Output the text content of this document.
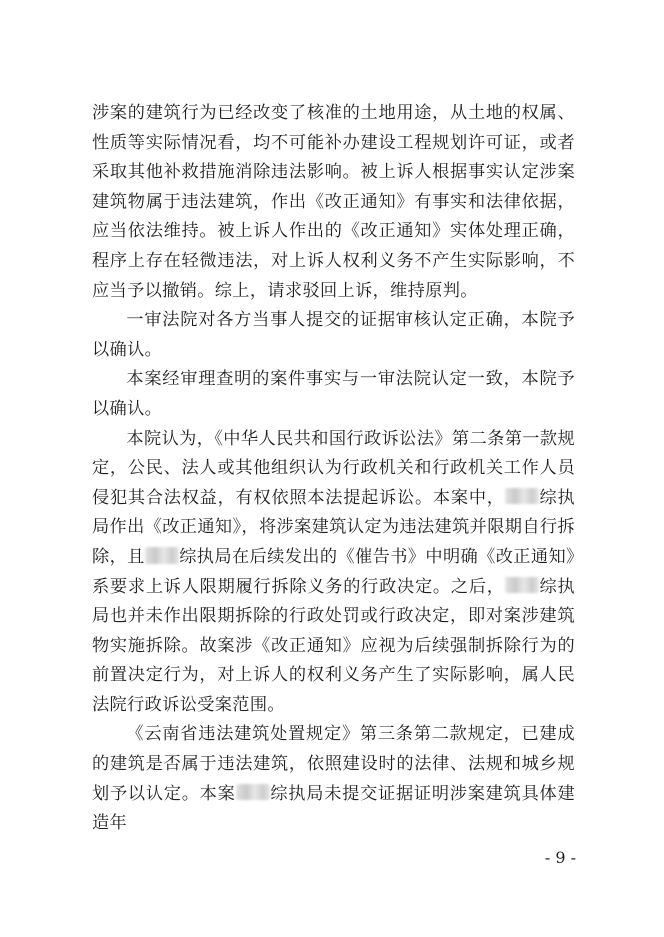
涉案的建筑行为已经改变了核准的土地用途，从土地的权属、性质等实际情况看，均不可能补办建设工程规划许可证，或者采取其他补救措施消除违法影响。被上诉人根据事实认定涉案建筑物属于违法建筑，作出《改正通知》有事实和法律依据，应当依法维持。被上诉人作出的《改正通知》实体处理正确，程序上存在轻微违法，对上诉人权利义务不产生实际影响，不应当予以撤销。综上，请求驳回上诉，维持原判。

一审法院对各方当事人提交的证据审核认定正确，本院予以确认。

本案经审理查明的案件事实与一审法院认定一致，本院予以确认。

本院认为，《中华人民共和国行政诉讼法》第二条第一款规定，公民、法人或其他组织认为行政机关和行政机关工作人员侵犯其合法权益，有权依照本法提起诉讼。本案中， 综执局作出《改正通知》，将涉案建筑认定为违法建筑并限期自行拆除，且 综执局在后续发出的《催告书》中明确《改正通知》系要求上诉人限期履行拆除义务的行政决定。之后， 综执局也并未作出限期拆除的行政处罚或行政决定，即对案涉建筑物实施拆除。故案涉《改正通知》应视为后续强制拆除行为的前置决定行为，对上诉人的权利义务产生了实际影响，属人民法院行政诉讼受案范围。

《云南省违法建筑处置规定》第三条第二款规定，已建成的建筑是否属于违法建筑，依照建设时的法律、法规和城乡规划予以认定。本案 综执局未提交证据证明涉案建筑具体建造年

- 9 -
